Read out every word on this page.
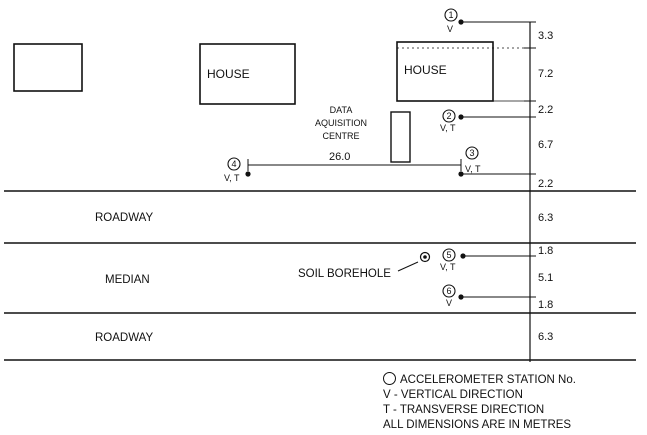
1
2
3
4
5
6
V
V, T
V, T
V, T
V, T
V
HOUSE	HOUSE
DATA
AQUISITION
CENTRE
26.0
ROADWAY
MEDIAN
ROADWAY
SOIL BOREHOLE
3.3
7.2
2.2
6.7
2.2
6.3
1.8
5.1
1.8
6.3
ACCELEROMETER STATION No.
V - VERTICAL DIRECTION
T - TRANSVERSE DIRECTION
ALL DIMENSIONS ARE IN METRES
